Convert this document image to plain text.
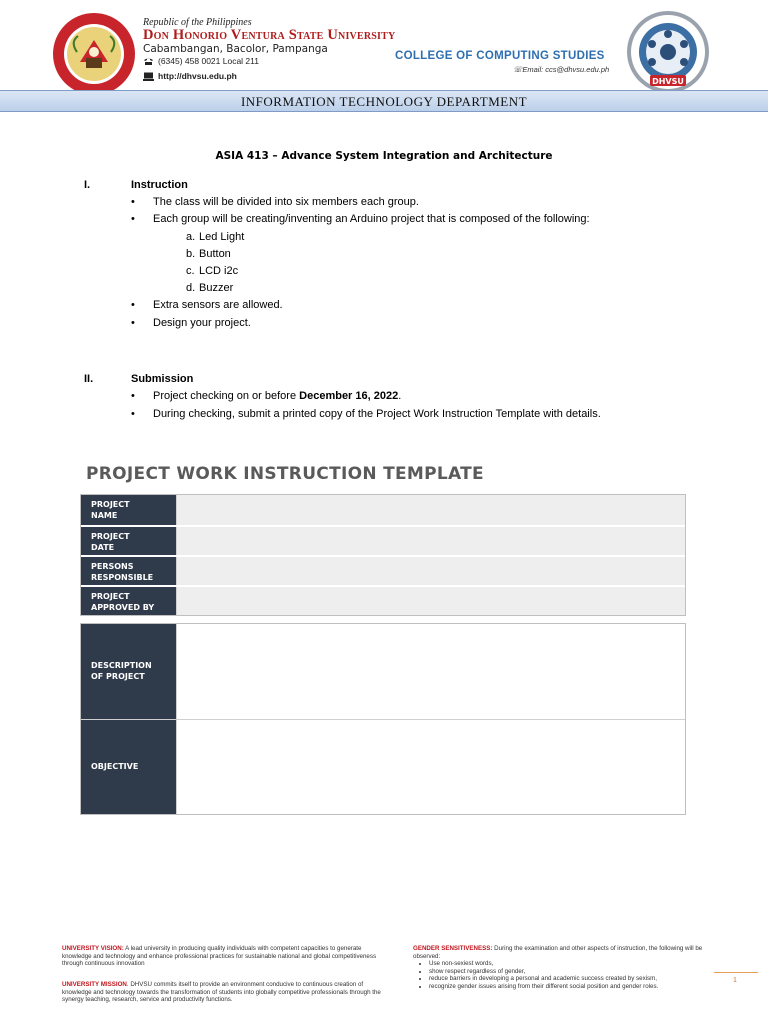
DHVSU
Republic of the Philippines
Don Honorio Ventura State University
Cabambangan, Bacolor, Pampanga
(6345) 458 0021 Local 211
http://dhvsu.edu.ph
COLLEGE OF COMPUTING STUDIES
☏Email: ccs@dhvsu.edu.ph
INFORMATION TECHNOLOGY DEPARTMENT
ASIA 413 – Advance System Integration and Architecture
I.	Instruction
•	The class will be divided into six members each group.
•	Each group will be creating/inventing an Arduino project that is composed of the following:
a. Led Light
b. Button
c. LCD i2c
d. Buzzer
•	Extra sensors are allowed.
•	Design your project.
II.	Submission
•	Project checking on or before December 16, 2022.
•	During checking, submit a printed copy of the Project Work Instruction Template with details.
PROJECT WORK INSTRUCTION TEMPLATE
PROJECT
NAME
PROJECT
DATE
PERSONS
RESPONSIBLE
PROJECT
APPROVED BY
DESCRIPTION
OF PROJECT
OBJECTIVE
UNIVERSITY VISION: A lead university in producing quality individuals with competent capacities to generate knowledge and technology and enhance professional practices for sustainable national and global competitiveness through continuous innovation
UNIVERSITY MISSION. DHVSU commits itself to provide an environment conducive to continuous creation of knowledge and technology towards the transformation of students into globally competitive professionals through the synergy teaching, research, service and productivity functions.
GENDER SENSITIVENESS: During the examination and other aspects of instruction, the following will be observed:
• Use non-sexiest words,
• show respect regardless of gender,
• reduce barriers in developing a personal and academic success created by sexism,
• recognize gender issues arising from their different social position and gender roles.
1
